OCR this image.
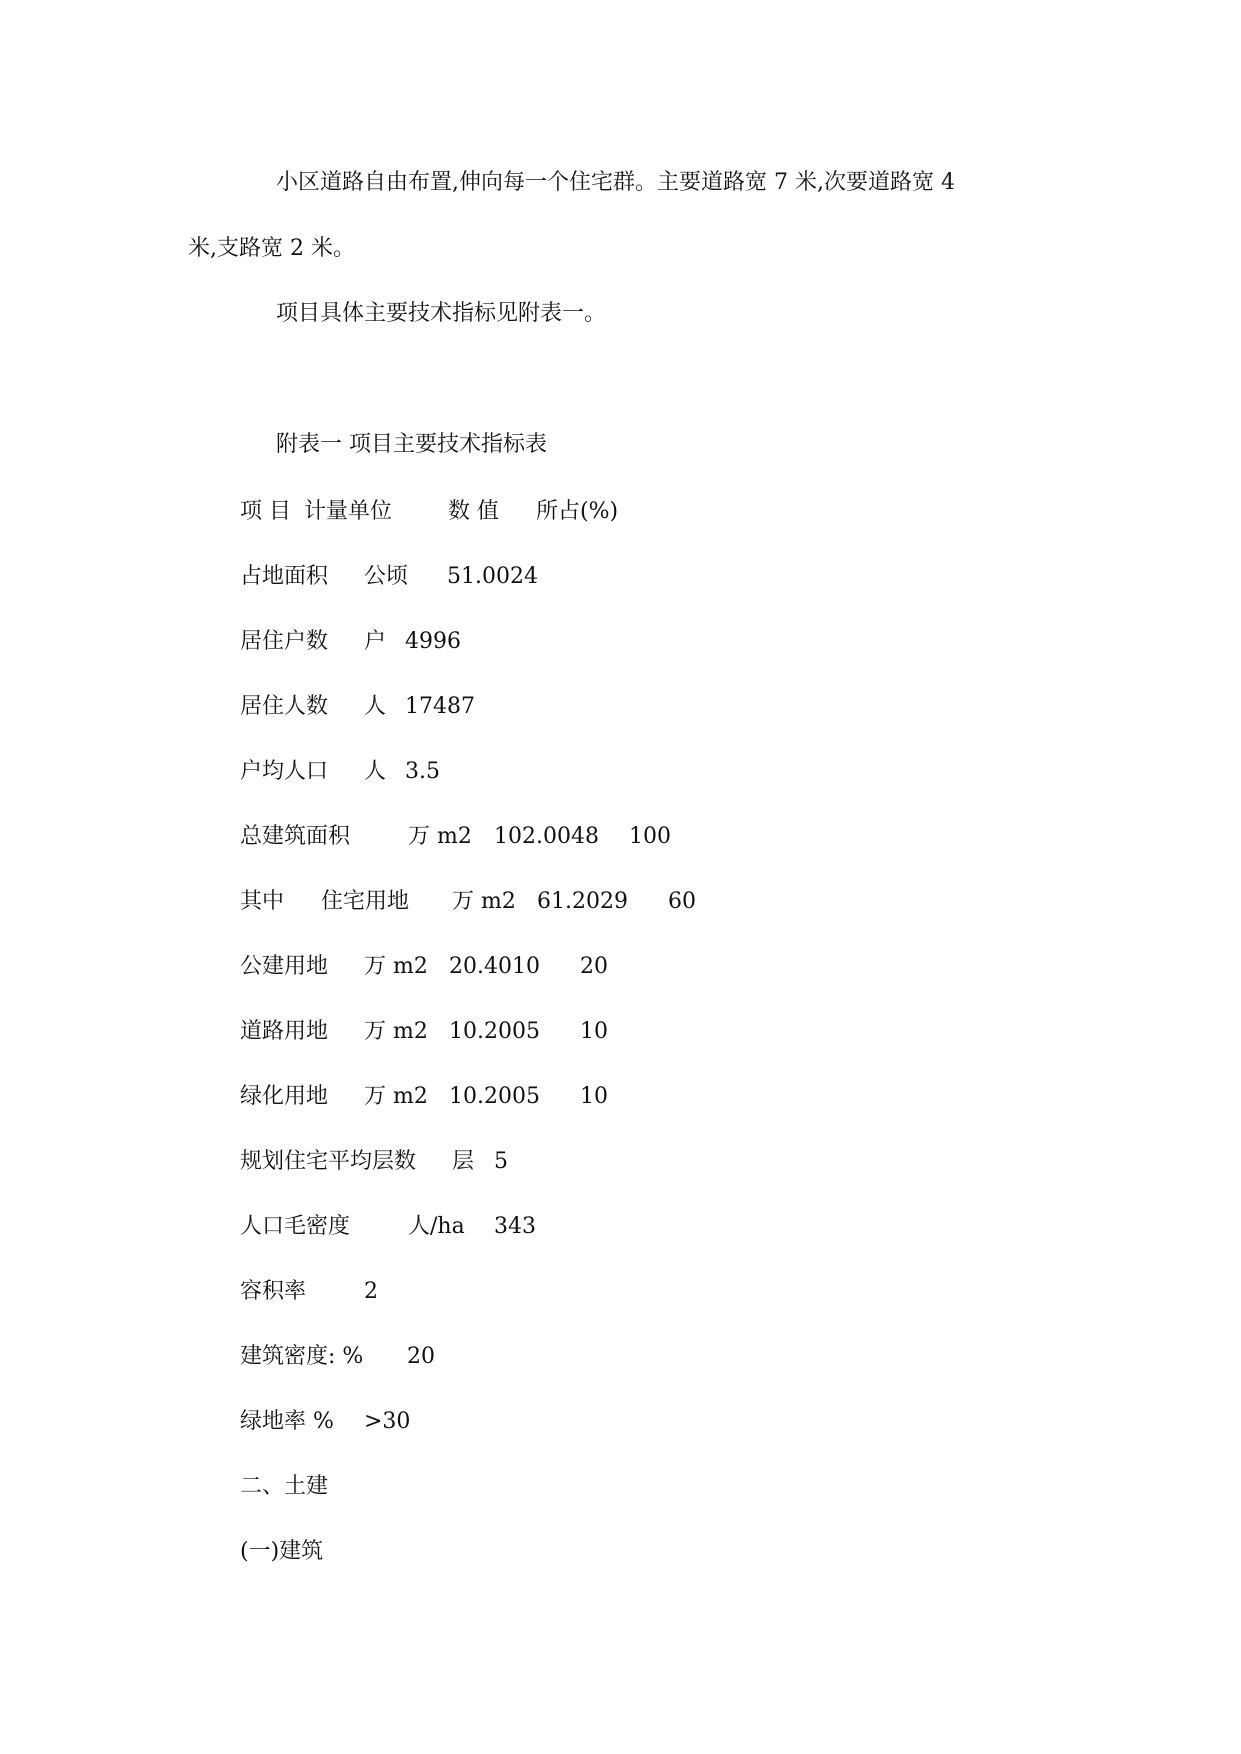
小区道路自由布置,伸向每一个住宅群。主要道路宽 7 米,次要道路宽 4
米,支路宽 2 米。
项目具体主要技术指标见附表一。
附表一 项目主要技术指标表
项 目 计量单位	数 值 所占(%)
占地面积 公顷 51.0024
居住户数 户 4996
居住人数 人 17487
户均人口 人 3.5
总建筑面积	万 m2 102.0048 100
其中 住宅用地 万 m2 61.2029 60
公建用地 万 m2 20.4010 20
道路用地 万 m2 10.2005 10
绿化用地 万 m2 10.2005 10
规划住宅平均层数 层 5
人口毛密度	人/ha 343
容积率	2
建筑密度: % 20
绿地率 % >30
二、土建
(一)建筑
